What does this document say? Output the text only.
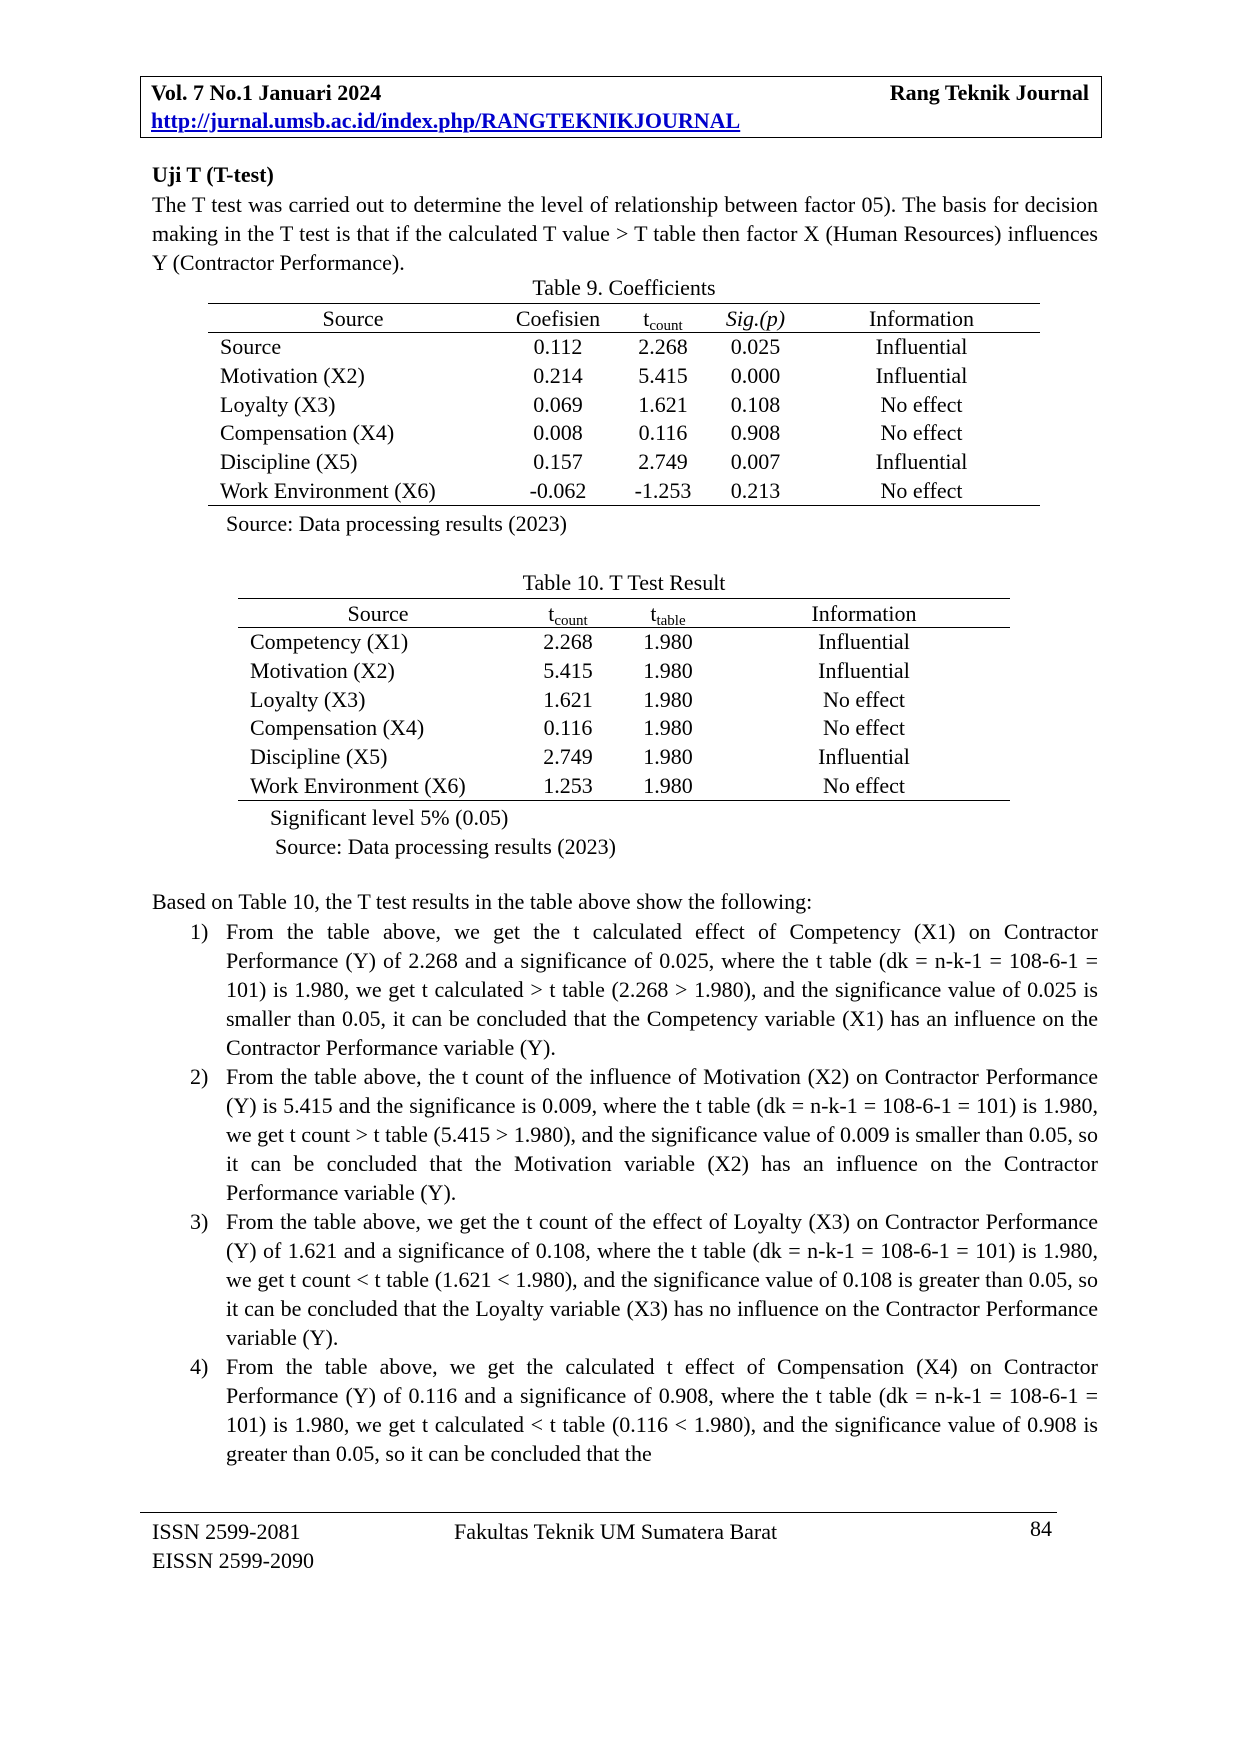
Vol. 7 No.1 Januari 2024	Rang Teknik Journal
http://jurnal.umsb.ac.id/index.php/RANGTEKNIKJOURNAL
Uji T (T-test)

The T test was carried out to determine the level of relationship between factor 05). The basis for decision making in the T test is that if the calculated T value > T table then factor X (Human Resources) influences Y (Contractor Performance).

Table 9. Coefficients
Source	Coefisien	$t_{count}$	Sig.(p)	Information
Source	0.112	2.268	0.025	Influential
Motivation (X2)	0.214	5.415	0.000	Influential
Loyalty (X3)	0.069	1.621	0.108	No effect
Compensation (X4)	0.008	0.116	0.908	No effect
Discipline (X5)	0.157	2.749	0.007	Influential
Work Environment (X6)	-0.062	-1.253	0.213	No effect
Source: Data processing results (2023)
Table 10. T Test Result
Source	$t_{count}$	$t_{table}$	Information
Competency (X1)	2.268	1.980	Influential
Motivation (X2)	5.415	1.980	Influential
Loyalty (X3)	1.621	1.980	No effect
Compensation (X4)	0.116	1.980	No effect
Discipline (X5)	2.749	1.980	Influential
Work Environment (X6)	1.253	1.980	No effect
Significant level 5% (0.05)
Source: Data processing results (2023)
Based on Table 10, the T test results in the table above show the following:
1) From the table above, we get the t calculated effect of Competency (X1) on Contractor Performance (Y) of 2.268 and a significance of 0.025, where the t table (dk = n-k-1 = 108-6-1 = 101) is 1.980, we get t calculated > t table (2.268 > 1.980), and the significance value of 0.025 is smaller than 0.05, it can be concluded that the Competency variable (X1) has an influence on the Contractor Performance variable (Y).
2) From the table above, the t count of the influence of Motivation (X2) on Contractor Performance (Y) is 5.415 and the significance is 0.009, where the t table (dk = n-k-1 = 108-6-1 = 101) is 1.980, we get t count > t table (5.415 > 1.980), and the significance value of 0.009 is smaller than 0.05, so it can be concluded that the Motivation variable (X2) has an influence on the Contractor Performance variable (Y).
3) From the table above, we get the t count of the effect of Loyalty (X3) on Contractor Performance (Y) of 1.621 and a significance of 0.108, where the t table (dk = n-k-1 = 108-6-1 = 101) is 1.980, we get t count < t table (1.621 < 1.980), and the significance value of 0.108 is greater than 0.05, so it can be concluded that the Loyalty variable (X3) has no influence on the Contractor Performance variable (Y).
4) From the table above, we get the calculated t effect of Compensation (X4) on Contractor Performance (Y) of 0.116 and a significance of 0.908, where the t table (dk = n-k-1 = 108-6-1 = 101) is 1.980, we get t calculated < t table (0.116 < 1.980), and the significance value of 0.908 is greater than 0.05, so it can be concluded that the
ISSN 2599-2081
EISSN 2599-2090
Fakultas Teknik UM Sumatera Barat	84
